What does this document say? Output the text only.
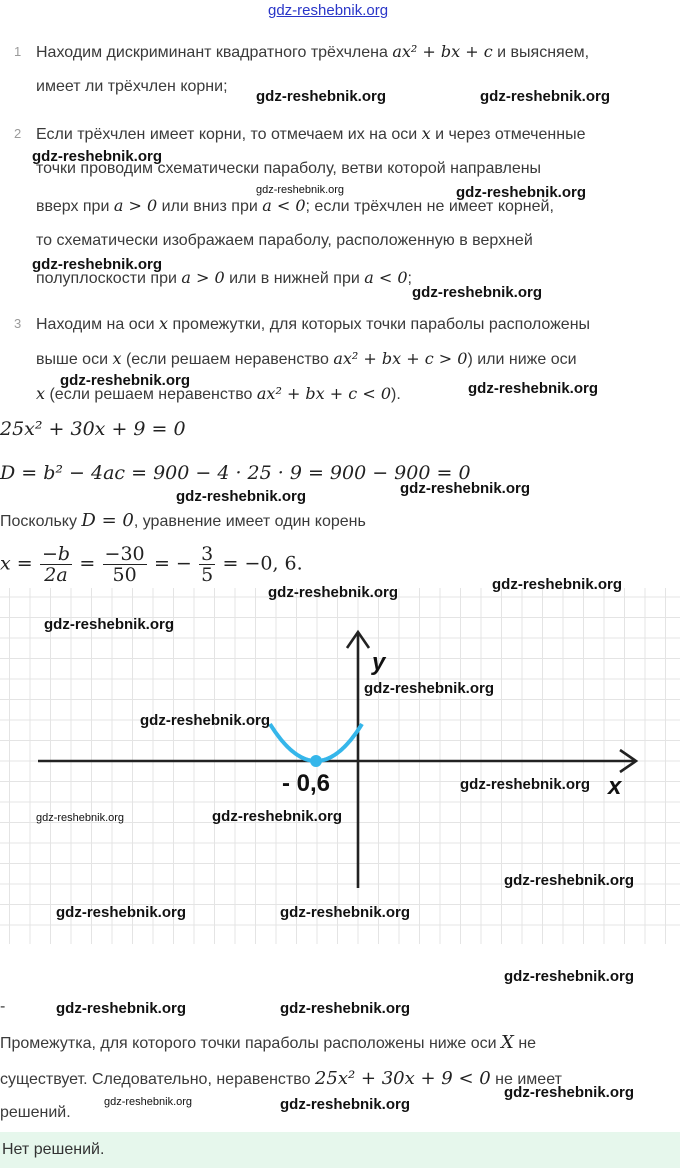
gdz-reshebnik.org
1 Находим дискриминант квадратного трёхчлена ax² + bx + c и выясняем,
имеет ли трёхчлен корни;
2 Если трёхчлен имеет корни, то отмечаем их на оси x и через отмеченные
точки проводим схематически параболу, ветви которой направлены
вверх при a > 0 или вниз при a < 0; если трёхчлен не имеет корней,
то схематически изображаем параболу, расположенную в верхней
полуплоскости при a > 0 или в нижней при a < 0;
3 Находим на оси x промежутки, для которых точки параболы расположены
выше оси x (если решаем неравенство ax² + bx + c > 0) или ниже оси
x (если решаем неравенство ax² + bx + c < 0).
25x² + 30x + 9 = 0
D = b² − 4ac = 900 − 4 · 25 · 9 = 900 − 900 = 0
Поскольку D = 0, уравнение имеет один корень
$x = \frac{-b}{2a} = \frac{-30}{50}$ = − $\frac{3}{5} = -0$, 6.
x
y
- 0,6
-
Промежутка, для которого точки параболы расположены ниже оси X не
существует. Следовательно, неравенство 25x² + 30x + 9 < 0 не имеет
решений.
Нет решений.
gdz-reshebnik.org	gdz-reshebnik.org
gdz-reshebnik.org
gdz-reshebnik.org	gdz-reshebnik.org
gdz-reshebnik.org
gdz-reshebnik.org
gdz-reshebnik.org	gdz-reshebnik.org
gdz-reshebnik.org
gdz-reshebnik.org
gdz-reshebnik.org
gdz-reshebnik.org
gdz-reshebnik.org
gdz-reshebnik.org
gdz-reshebnik.org
gdz-reshebnik.org
gdz-reshebnik.org	gdz-reshebnik.org
gdz-reshebnik.org
gdz-reshebnik.org	gdz-reshebnik.org
gdz-reshebnik.org
gdz-reshebnik.org	gdz-reshebnik.org
gdz-reshebnik.org	gdz-reshebnik.org
gdz-reshebnik.org
